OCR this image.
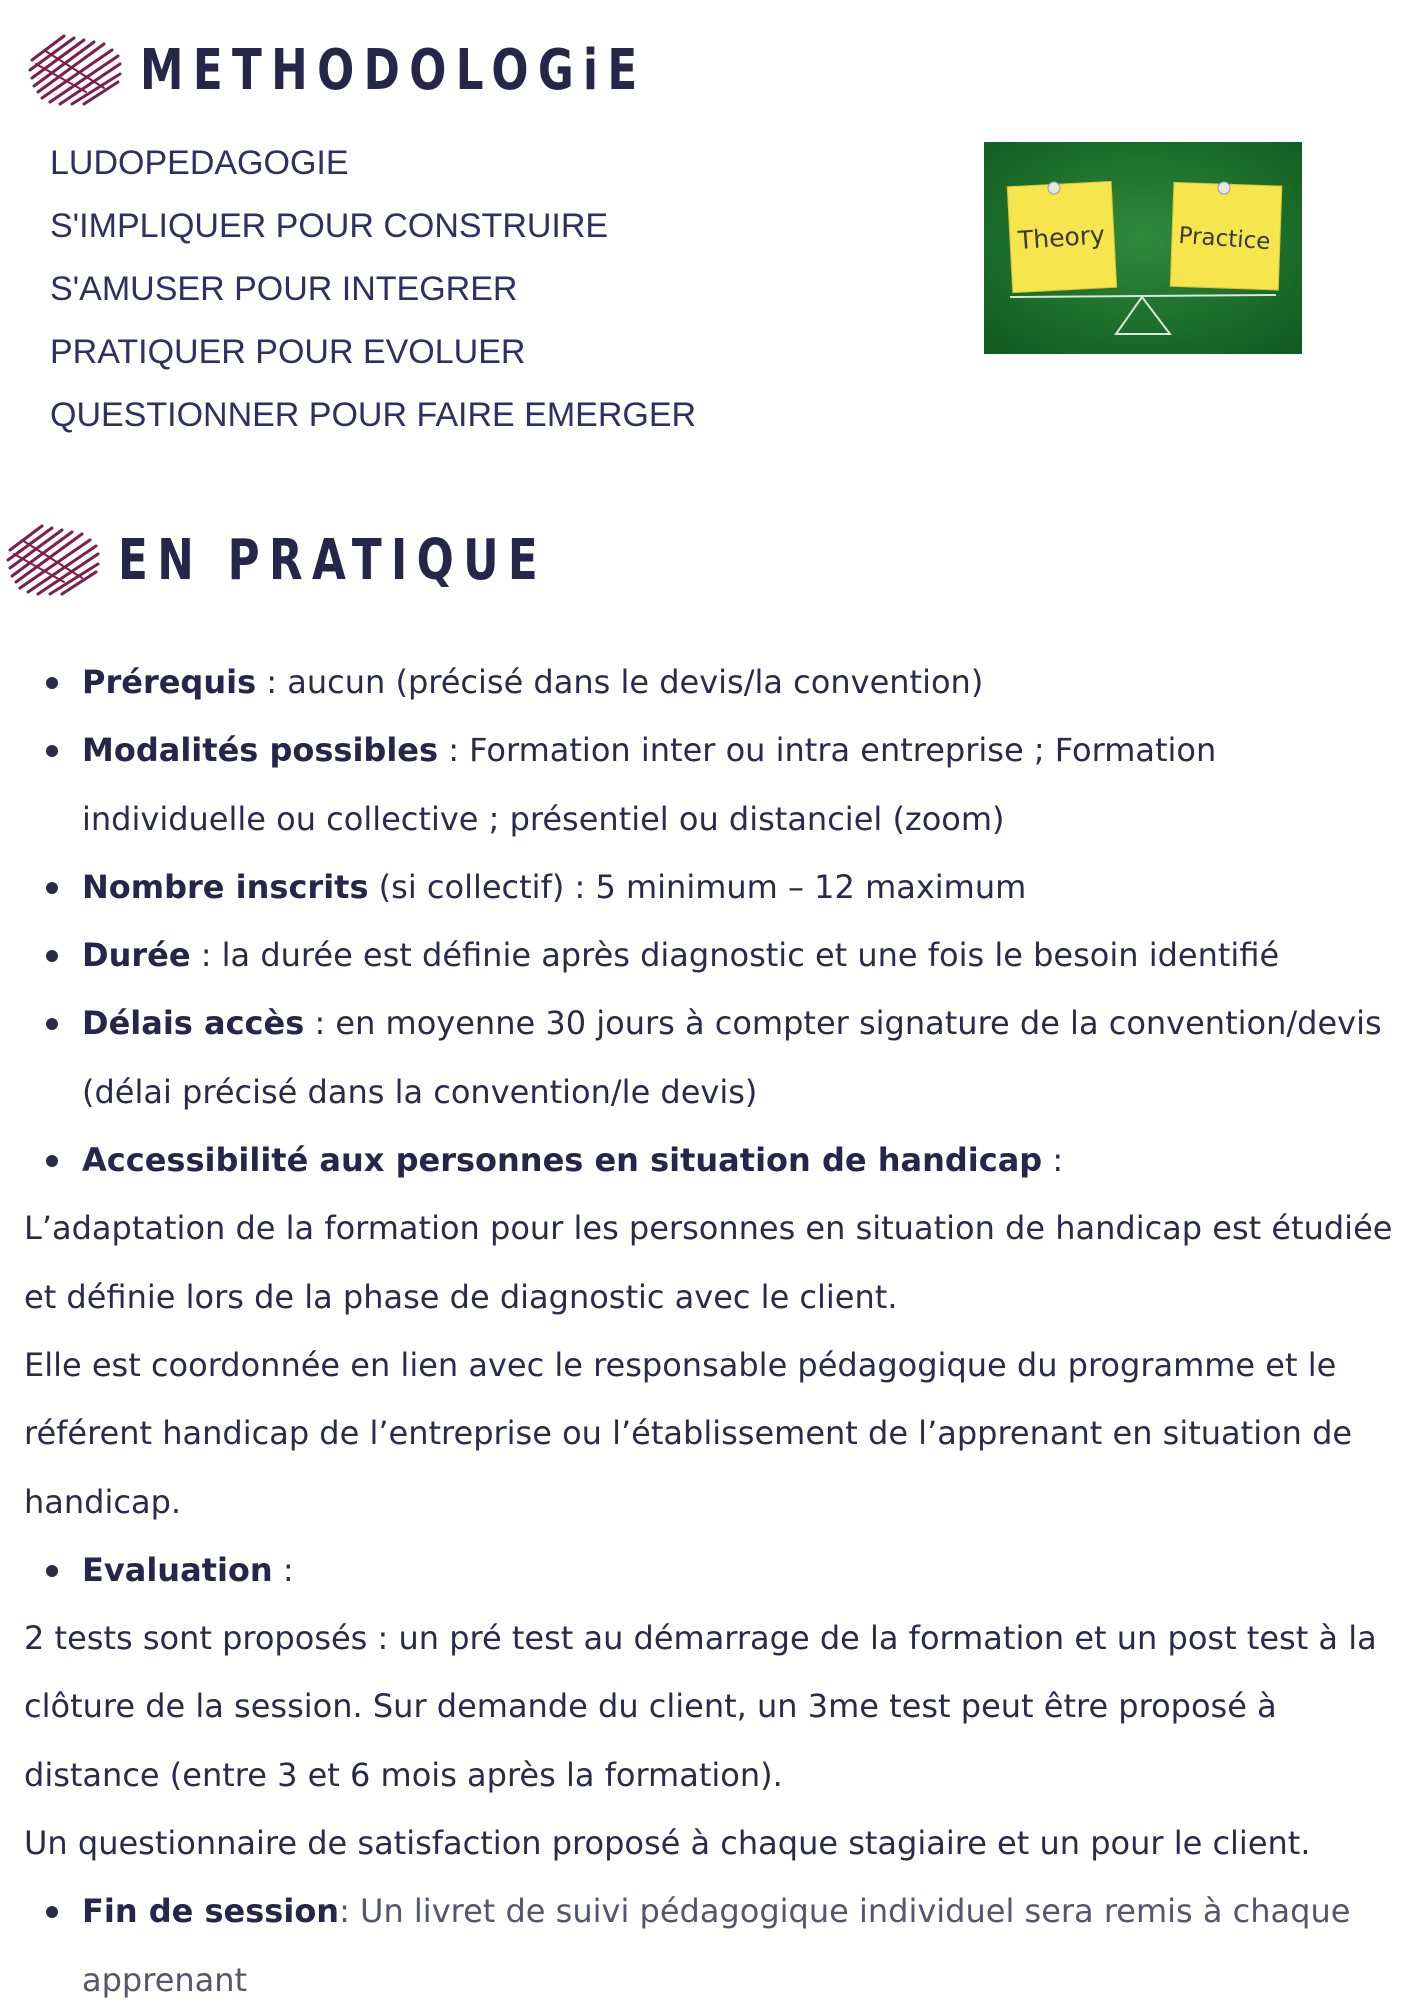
METHODOLOGiE
LUDOPEDAGOGIE
S'IMPLIQUER POUR CONSTRUIRE
S'AMUSER POUR INTEGRER
PRATIQUER POUR EVOLUER
QUESTIONNER POUR FAIRE EMERGER
Theory	Practice
EN PRATIQUE
Prérequis : aucun (précisé dans le devis/la convention)
Modalités possibles : Formation inter ou intra entreprise ; Formation individuelle ou collective ; présentiel ou distanciel (zoom)
Nombre inscrits (si collectif) : 5 minimum – 12 maximum
Durée : la durée est définie après diagnostic et une fois le besoin identifié
Délais accès : en moyenne 30 jours à compter signature de la convention/devis (délai précisé dans la convention/le devis)
Accessibilité aux personnes en situation de handicap :

L’adaptation de la formation pour les personnes en situation de handicap est étudiée et définie lors de la phase de diagnostic avec le client.

Elle est coordonnée en lien avec le responsable pédagogique du programme et le référent handicap de l’entreprise ou l’établissement de l’apprenant en situation de handicap.

Evaluation :

2 tests sont proposés : un pré test au démarrage de la formation et un post test à la clôture de la session. Sur demande du client, un 3me test peut être proposé à distance (entre 3 et 6 mois après la formation).

Un questionnaire de satisfaction proposé à chaque stagiaire et un pour le client.

Fin de session: Un livret de suivi pédagogique individuel sera remis à chaque apprenant
